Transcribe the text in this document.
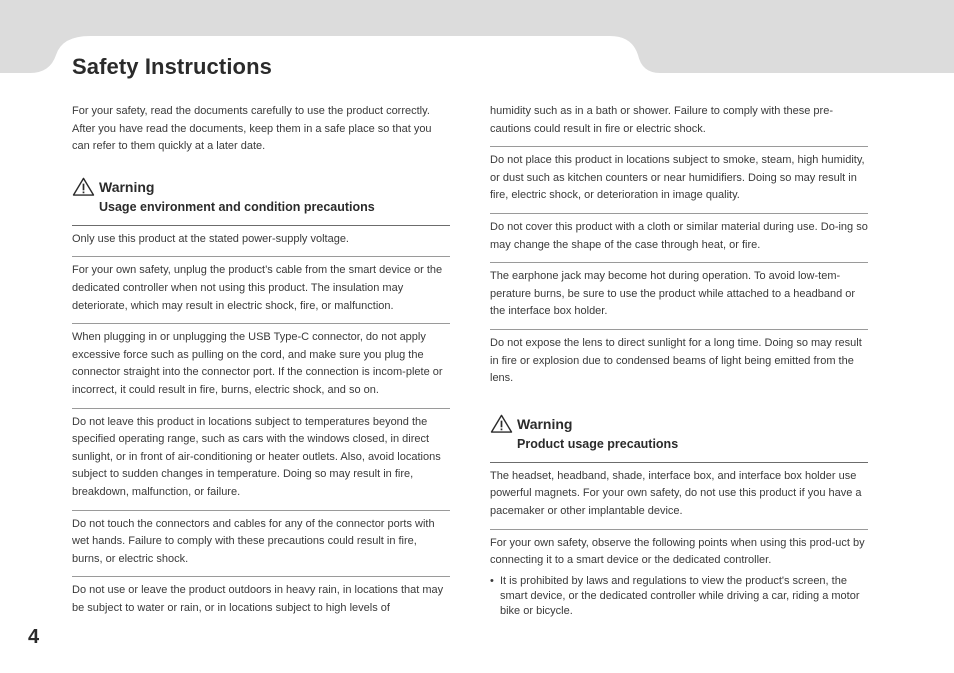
Safety Instructions

For your safety, read the documents carefully to use the product correctly. After you have read the documents, keep them in a safe place so that you can refer to them quickly at a later date.

Warning
Usage environment and condition precautions

Only use this product at the stated power-supply voltage.

For your own safety, unplug the product’s cable from the smart device or the dedicated controller when not using this product. The insulation may deteriorate, which may result in electric shock, fire, or malfunction.

When plugging in or unplugging the USB Type-C connector, do not apply excessive force such as pulling on the cord, and make sure you plug the connector straight into the connector port. If the connection is incom-plete or incorrect, it could result in fire, burns, electric shock, and so on.

Do not leave this product in locations subject to temperatures beyond the specified operating range, such as cars with the windows closed, in direct sunlight, or in front of air-conditioning or heater outlets. Also, avoid locations subject to sudden changes in temperature. Doing so may result in fire, breakdown, malfunction, or failure.

Do not touch the connectors and cables for any of the connector ports with wet hands. Failure to comply with these precautions could result in fire, burns, or electric shock.

Do not use or leave the product outdoors in heavy rain, in locations that may be subject to water or rain, or in locations subject to high levels of

humidity such as in a bath or shower. Failure to comply with these pre-cautions could result in fire or electric shock.

Do not place this product in locations subject to smoke, steam, high humidity, or dust such as kitchen counters or near humidifiers. Doing so may result in fire, electric shock, or deterioration in image quality.

Do not cover this product with a cloth or similar material during use. Do-ing so may change the shape of the case through heat, or fire.

The earphone jack may become hot during operation. To avoid low-tem-perature burns, be sure to use the product while attached to a headband or the interface box holder.

Do not expose the lens to direct sunlight for a long time. Doing so may result in fire or explosion due to condensed beams of light being emitted from the lens.

Warning
Product usage precautions

The headset, headband, shade, interface box, and interface box holder use powerful magnets. For your own safety, do not use this product if you have a pacemaker or other implantable device.

For your own safety, observe the following points when using this prod-uct by connecting it to a smart device or the dedicated controller.

• It is prohibited by laws and regulations to view the product's screen, the smart device, or the dedicated controller while driving a car, riding a motor bike or bicycle.
4
